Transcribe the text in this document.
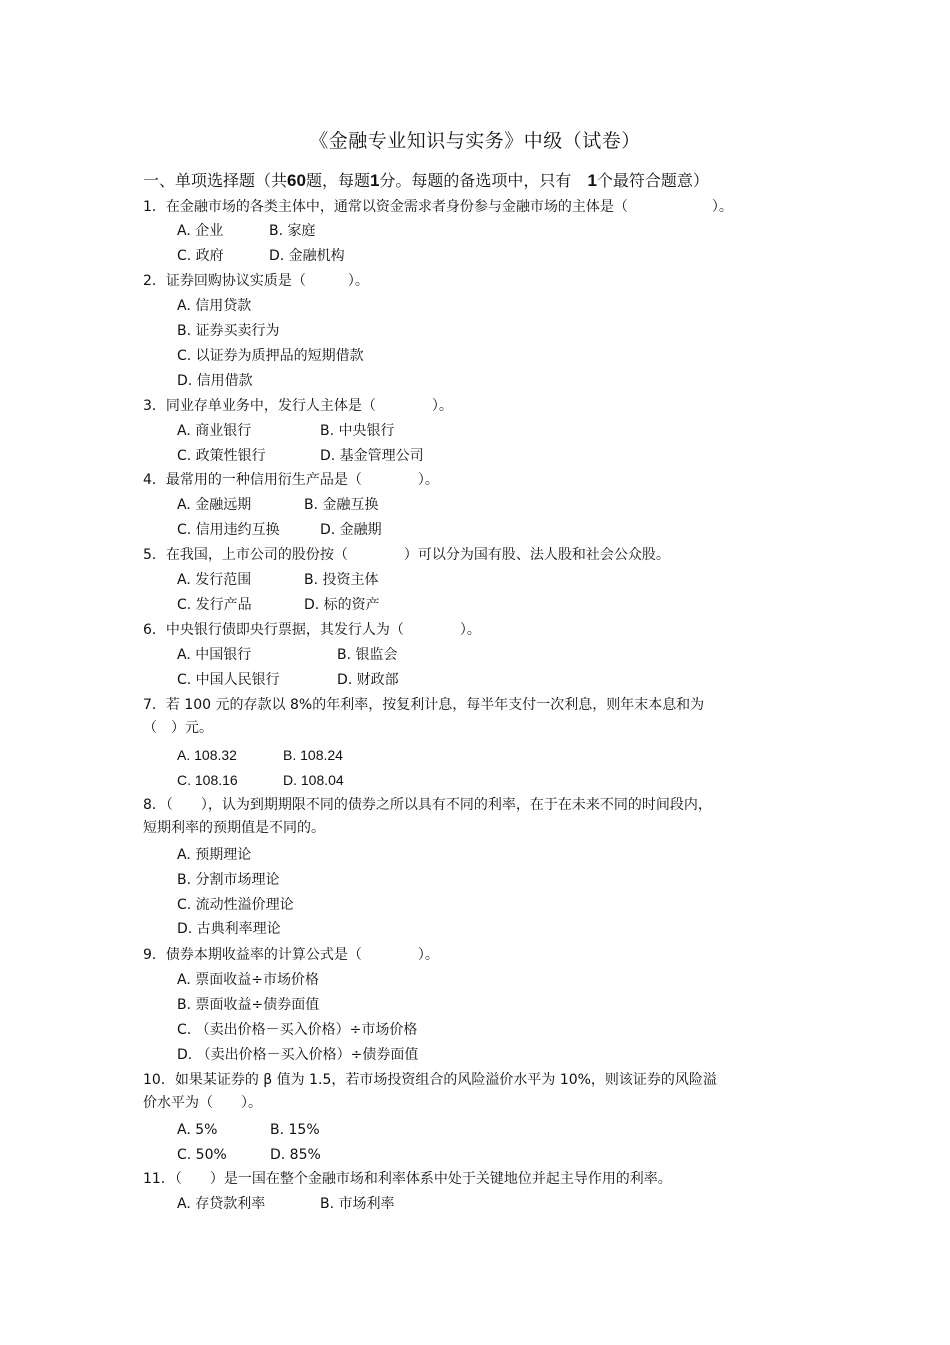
《金融专业知识与实务》中级（试卷）
一、单项选择题（共60题，每题1分。每题的备选项中，只有　 1个最符合题意）
1．在金融市场的各类主体中，通常以资金需求者身份参与金融市场的主体是（　　　　　　）。
A. 企业	B. 家庭
C. 政府	D. 金融机构
2．证券回购协议实质是（　　　）。
A. 信用贷款
B. 证券买卖行为
C. 以证券为质押品的短期借款
D. 信用借款
3．同业存单业务中，发行人主体是（　　　　）。
A. 商业银行	B. 中央银行
C. 政策性银行	D. 基金管理公司
4．最常用的一种信用衍生产品是（　　　　）。
A. 金融远期	B. 金融互换
C. 信用违约互换	D. 金融期
5．在我国，上市公司的股份按（　　　　）可以分为国有股、法人股和社会公众股。
A. 发行范围	B. 投资主体
C. 发行产品	D. 标的资产
6．中央银行债即央行票据，其发行人为（　　　　）。
A. 中国银行	B. 银监会
C. 中国人民银行	D. 财政部
7．若 100 元的存款以 8%的年利率，按复利计息，每半年支付一次利息，则年末本息和为
（　）元。
A. 108.32	B. 108.24
C. 108.16	D. 108.04
8．（　　），认为到期期限不同的债券之所以具有不同的利率，在于在未来不同的时间段内，
短期利率的预期值是不同的。
A. 预期理论
B. 分割市场理论
C. 流动性溢价理论
D. 古典利率理论
9．债券本期收益率的计算公式是（　　　　）。
A. 票面收益÷市场价格
B. 票面收益÷债券面值
C. （卖出价格－买入价格）÷市场价格
D. （卖出价格－买入价格）÷债券面值
10．如果某证券的 β 值为 1.5，若市场投资组合的风险溢价水平为 10%，则该证券的风险溢
价水平为（　　）。
A. 5%	B. 15%
C. 50%	D. 85%
11．（　　）是一国在整个金融市场和利率体系中处于关键地位并起主导作用的利率。
A. 存贷款利率	B. 市场利率
